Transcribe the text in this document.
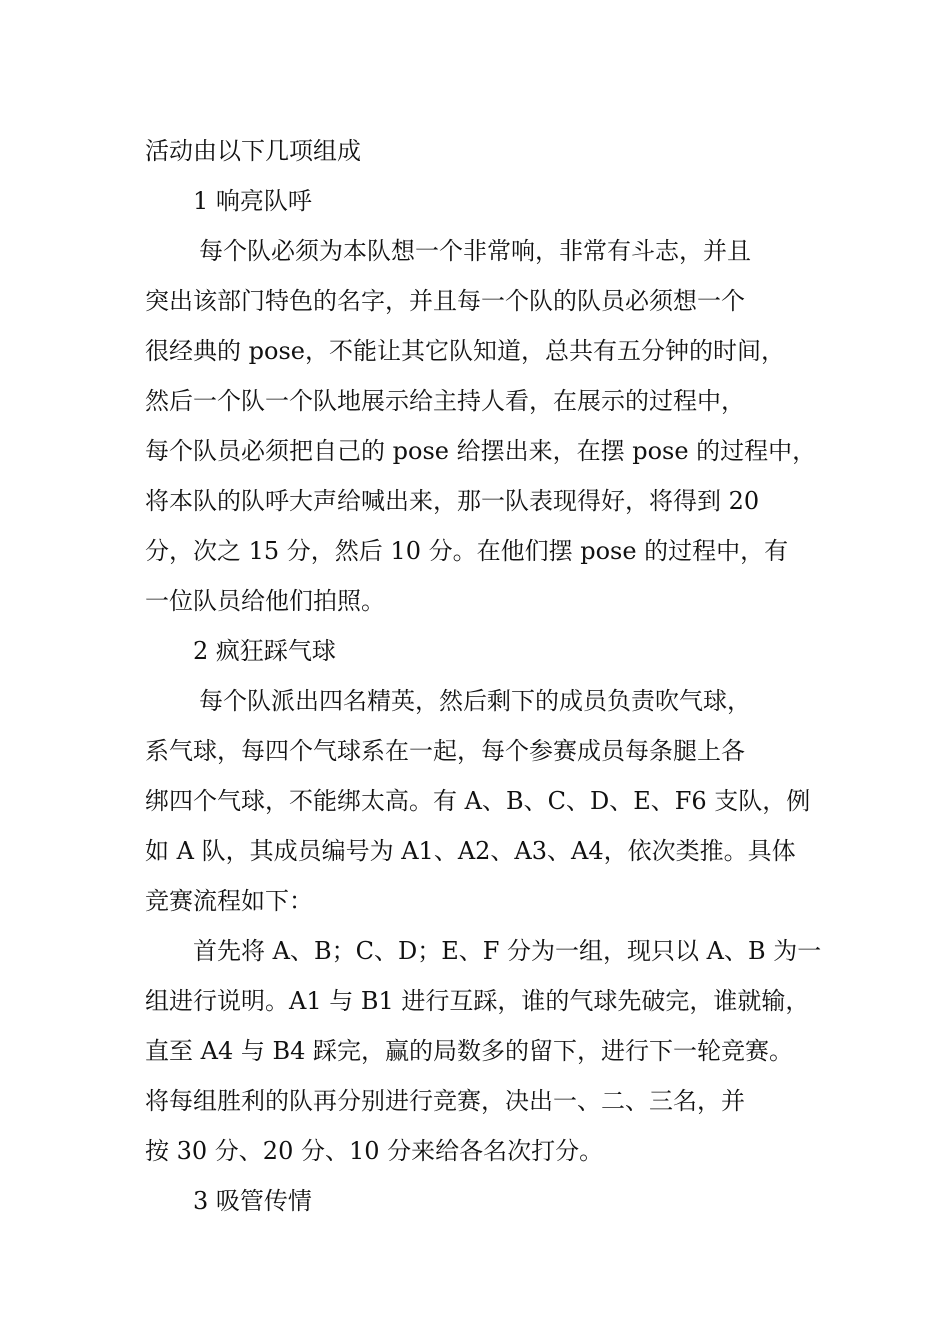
活动由以下几项组成
1 响亮队呼
每个队必须为本队想一个非常响，非常有斗志，并且
突出该部门特色的名字，并且每一个队的队员必须想一个
很经典的 pose，不能让其它队知道，总共有五分钟的时间，
然后一个队一个队地展示给主持人看，在展示的过程中，
每个队员必须把自己的 pose 给摆出来，在摆 pose 的过程中，
将本队的队呼大声给喊出来，那一队表现得好，将得到 20
分，次之 15 分，然后 10 分。在他们摆 pose 的过程中，有
一位队员给他们拍照。
2 疯狂踩气球
每个队派出四名精英，然后剩下的成员负责吹气球，
系气球，每四个气球系在一起，每个参赛成员每条腿上各
绑四个气球，不能绑太高。有 A、B、C、D、E、F6 支队，例
如 A 队，其成员编号为 A1、A2、A3、A4，依次类推。具体
竞赛流程如下：
首先将 A、B；C、D；E、F 分为一组，现只以 A、B 为一
组进行说明。A1 与 B1 进行互踩，谁的气球先破完，谁就输，
直至 A4 与 B4 踩完，赢的局数多的留下，进行下一轮竞赛。
将每组胜利的队再分别进行竞赛，决出一、二、三名，并
按 30 分、20 分、10 分来给各名次打分。
3 吸管传情
